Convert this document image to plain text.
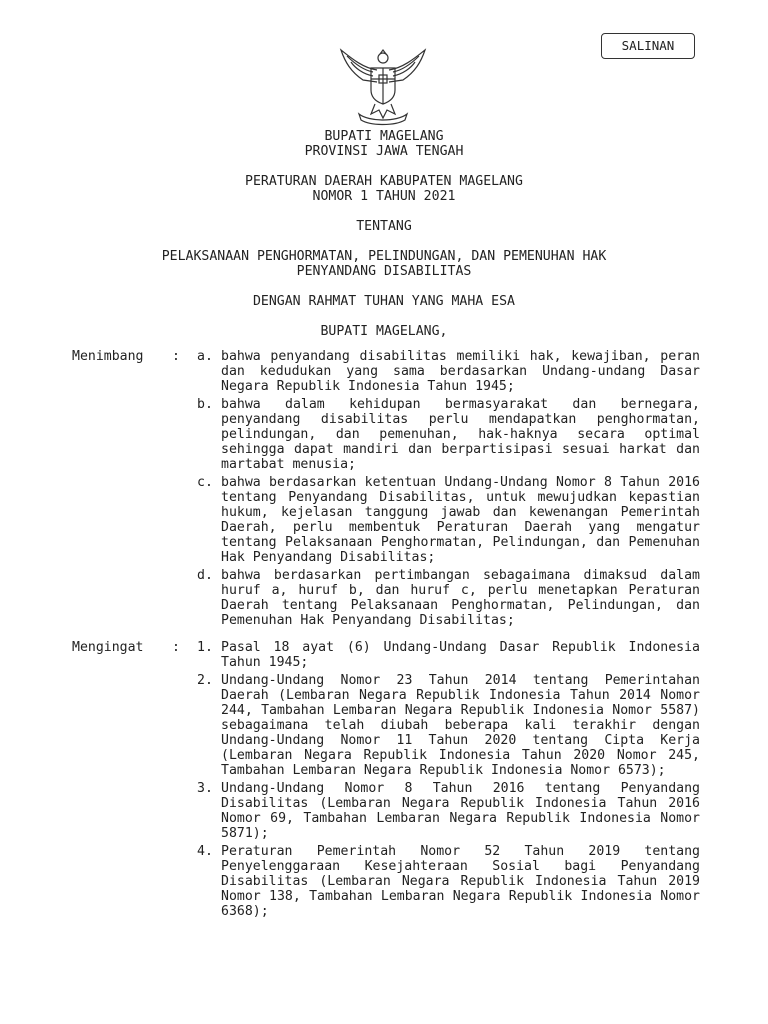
SALINAN
BUPATI MAGELANG
PROVINSI JAWA TENGAH
PERATURAN DAERAH KABUPATEN MAGELANG
NOMOR 1 TAHUN 2021
TENTANG
PELAKSANAAN PENGHORMATAN, PELINDUNGAN, DAN PEMENUHAN HAK
PENYANDANG DISABILITAS
DENGAN RAHMAT TUHAN YANG MAHA ESA
BUPATI MAGELANG,
Menimbang	:	a. bahwa penyandang disabilitas memiliki hak, kewajiban, peran dan kedudukan yang sama berdasarkan Undang-undang Dasar Negara Republik Indonesia Tahun 1945;
b. bahwa dalam kehidupan bermasyarakat dan bernegara, penyandang disabilitas perlu mendapatkan penghormatan, pelindungan, dan pemenuhan, hak-haknya secara optimal sehingga dapat mandiri dan berpartisipasi sesuai harkat dan martabat menusia;
c. bahwa berdasarkan ketentuan Undang-Undang Nomor 8 Tahun 2016 tentang Penyandang Disabilitas, untuk mewujudkan kepastian hukum, kejelasan tanggung jawab dan kewenangan Pemerintah Daerah, perlu membentuk Peraturan Daerah yang mengatur tentang Pelaksanaan Penghormatan, Pelindungan, dan Pemenuhan Hak Penyandang Disabilitas;
d. bahwa berdasarkan pertimbangan sebagaimana dimaksud dalam huruf a, huruf b, dan huruf c, perlu menetapkan Peraturan Daerah tentang Pelaksanaan Penghormatan, Pelindungan, dan Pemenuhan Hak Penyandang Disabilitas;
Mengingat	:	1. Pasal 18 ayat (6) Undang-Undang Dasar Republik Indonesia Tahun 1945;
2. Undang-Undang Nomor 23 Tahun 2014 tentang Pemerintahan Daerah (Lembaran Negara Republik Indonesia Tahun 2014 Nomor 244, Tambahan Lembaran Negara Republik Indonesia Nomor 5587) sebagaimana telah diubah beberapa kali terakhir dengan Undang-Undang Nomor 11 Tahun 2020 tentang Cipta Kerja (Lembaran Negara Republik Indonesia Tahun 2020 Nomor 245, Tambahan Lembaran Negara Republik Indonesia Nomor 6573);
3. Undang-Undang Nomor 8 Tahun 2016 tentang Penyandang Disabilitas (Lembaran Negara Republik Indonesia Tahun 2016 Nomor 69, Tambahan Lembaran Negara Republik Indonesia Nomor 5871);
4. Peraturan Pemerintah Nomor 52 Tahun 2019 tentang Penyelenggaraan Kesejahteraan Sosial bagi Penyandang Disabilitas (Lembaran Negara Republik Indonesia Tahun 2019 Nomor 138, Tambahan Lembaran Negara Republik Indonesia Nomor 6368);
